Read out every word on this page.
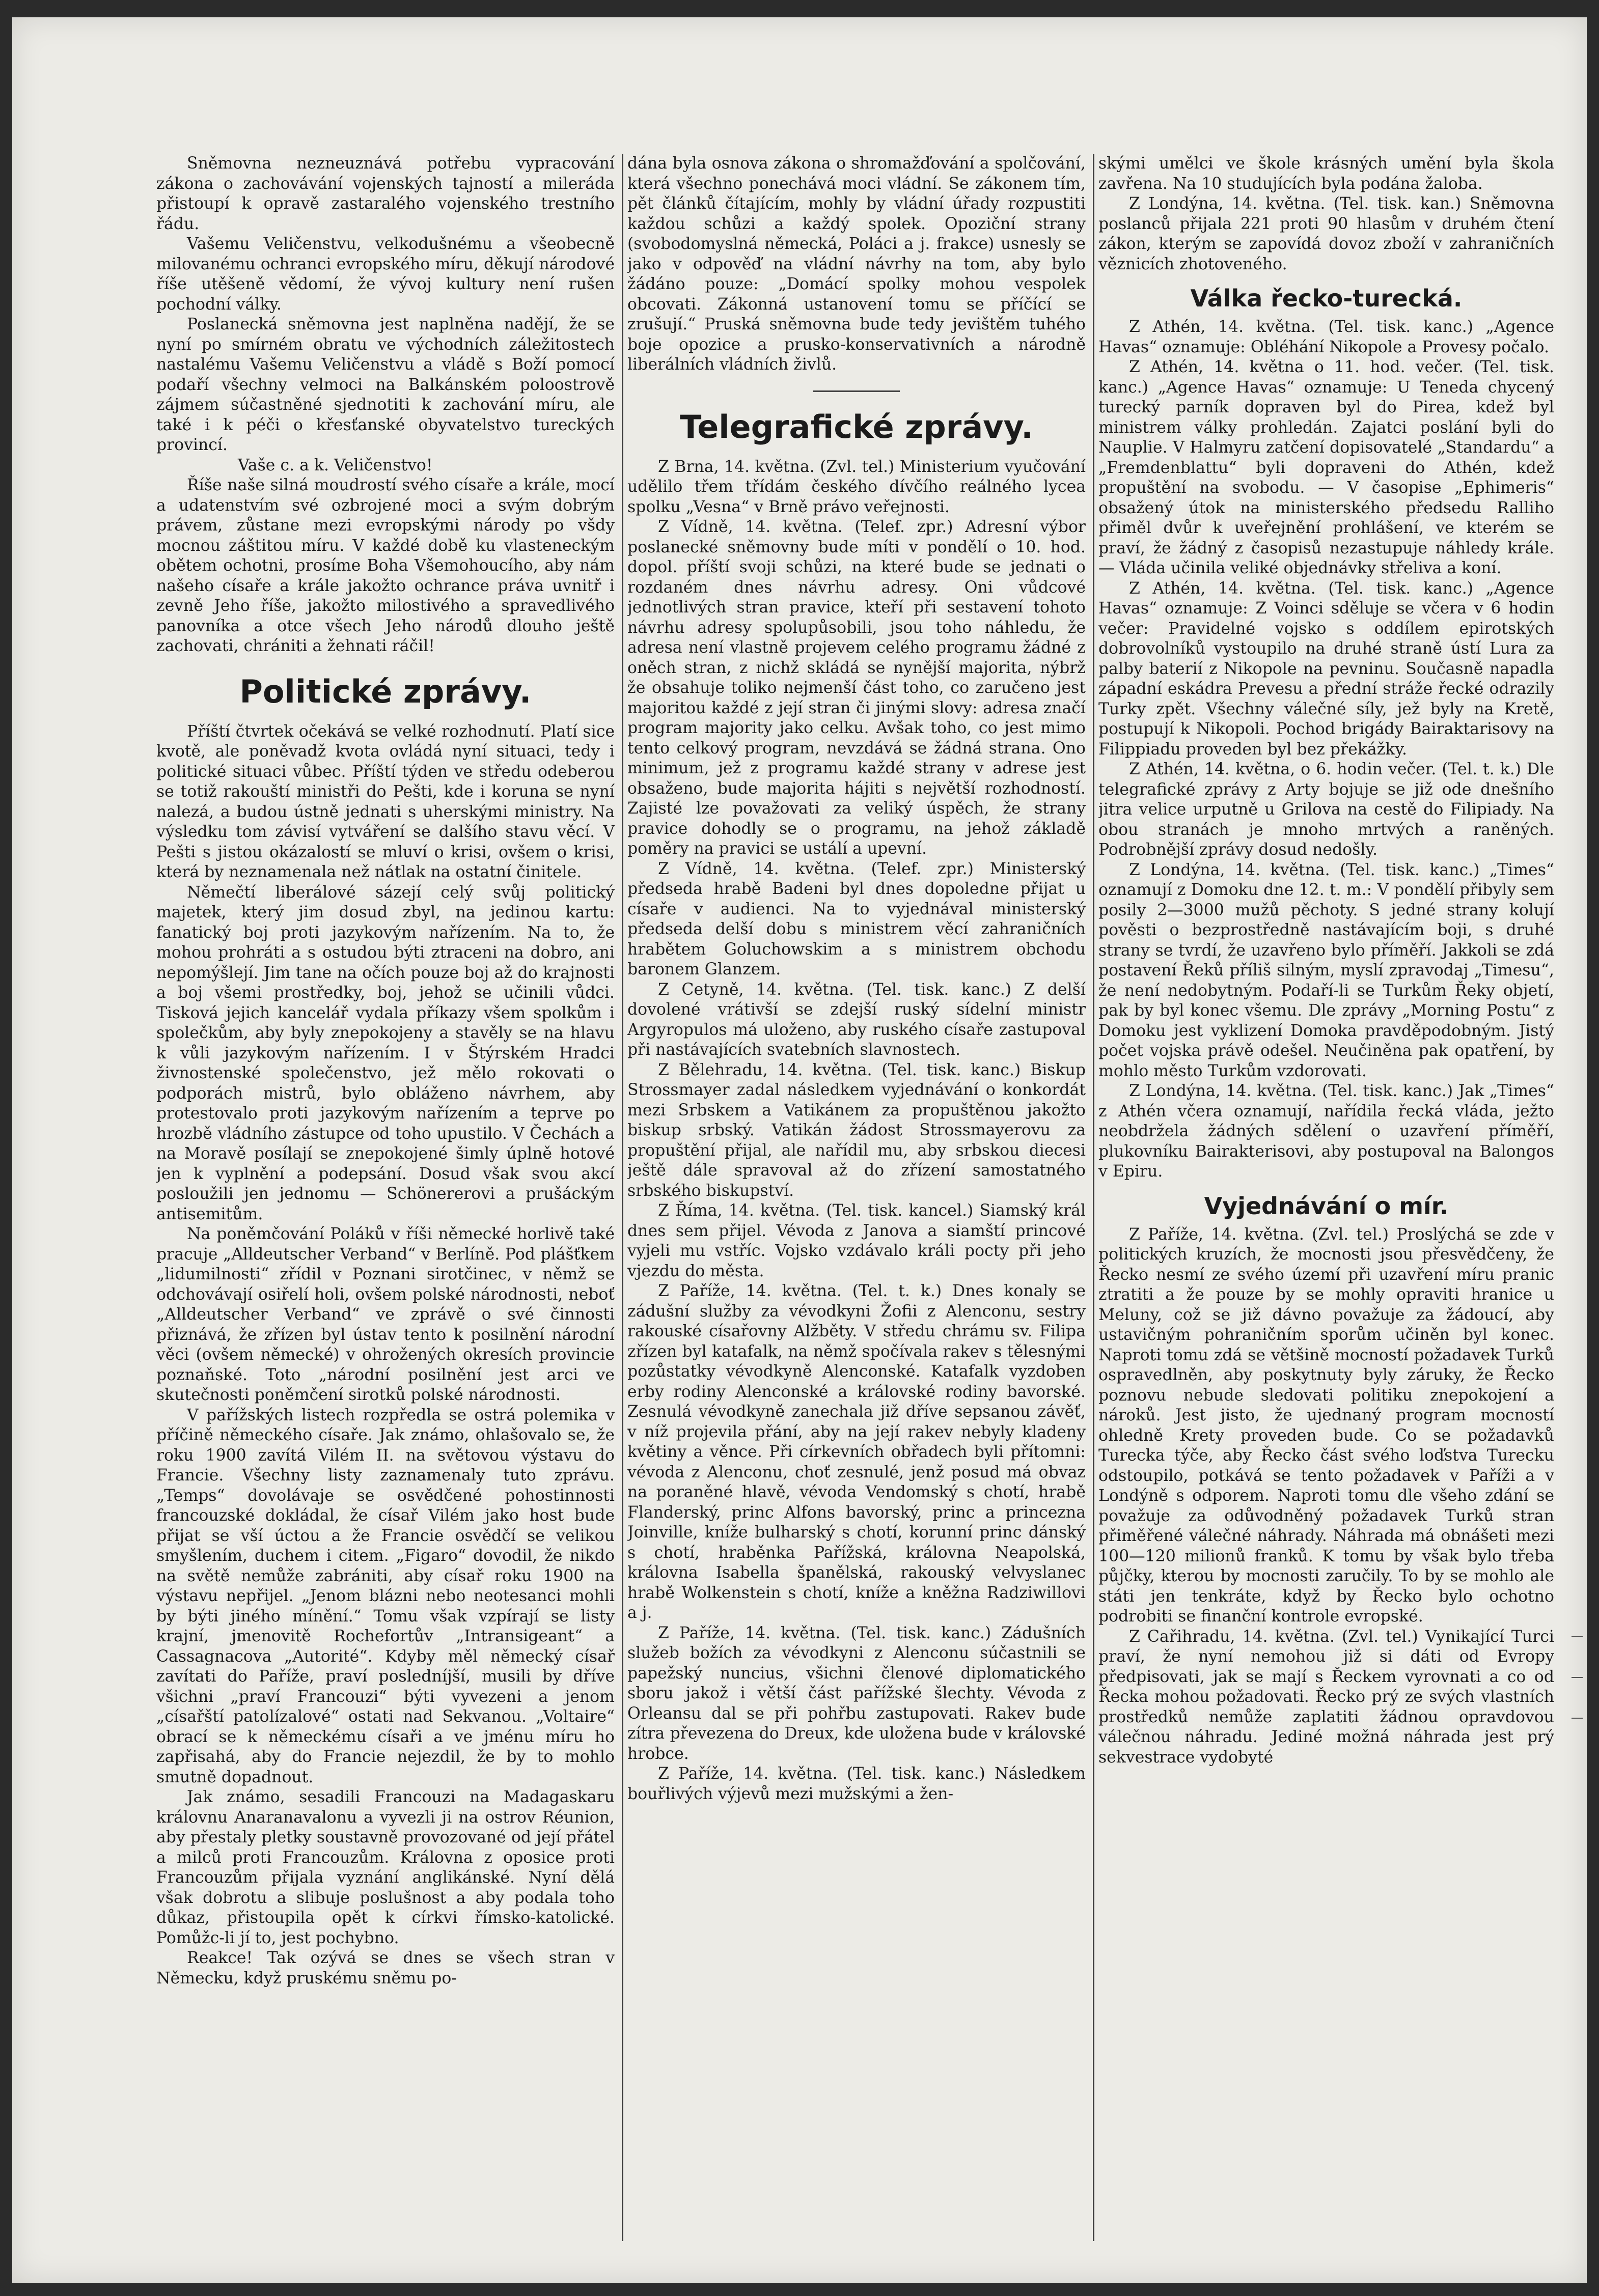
Sněmovna nezneuznává potřebu vypracování zákona o zachovávání vojenských tajností a milerádа přistoupí k opravě zastaralého vojenského trestního řádu.

Vašemu Veličenstvu, velkodušnému a všeobecně milovanému ochranci evropského míru, děkují národové říše utěšeně vědomí, že vývoj kultury není rušen pochodní války.

Poslanecká sněmovna jest naplněna nadějí, že se nyní po smírném obratu ve východních záležitostech nastalému Vašemu Veličenstvu a vládě s Boží pomocí podaří všechny velmoci na Balkánském poloostrově zájmem súčastněné sjednotiti k zachování míru, ale také i k péči o křesťanské obyvatelstvo tureckých provincí.

Vaše c. a k. Veličenstvo!

Říše naše silná moudrostí svého císaře a krále, mocí a udatenstvím své ozbrojené moci a svým dobrým právem, zůstane mezi evropskými národy po všdy mocnou záštitou míru. V každé době ku vlasteneckým obětem ochotni, prosíme Boha Všemohoucího, aby nám našeho císaře a krále jakožto ochrance práva uvnitř i zevně Jeho říše, jakožto milostivého a spravedlivého panovníka a otce všech Jeho národů dlouho ještě zachovati, chrániti a žehnati ráčil!

Politické zprávy.

Příští čtvrtek očekává se velké rozhodnutí. Platí sice kvotě, ale poněvadž kvota ovládá nyní situaci, tedy i politické situaci vůbec. Příští týden ve středu odeberou se totiž rakouští ministři do Pešti, kde i koruna se nyní nalezá, a budou ústně jednati s uherskými ministry. Na výsledku tom závisí vytváření se dalšího stavu věcí. V Pešti s jistou okázalostí se mluví o krisi, ovšem o krisi, která by neznamenala než nátlak na ostatní činitele.

Němečtí liberálové sázejí celý svůj politický majetek, který jim dosud zbyl, na jedinou kartu: fanatický boj proti jazykovým nařízením. Na to, že mohou prohráti a s ostudou býti ztraceni na dobro, ani nepomýšlejí. Jim tane na očích pouze boj až do krajnosti a boj všemi prostředky, boj, jehož se učinili vůdci. Tisková jejich kancelář vydala příkazy všem spolkům i společkům, aby byly znepokojeny a stavěly se na hlavu k vůli jazykovým nařízením. I v Štýrském Hradci živnostenské společenstvo, jež mělo rokovati o podporách mistrů, bylo obláženo návrhem, aby protestovalo proti jazykovým nařízením a teprve po hrozbě vládního zástupce od toho upustilo. V Čechách a na Moravě posílají se znepokojené šimly úplně hotové jen k vyplnění a podepsání. Dosud však svou akcí posloužili jen jednomu — Schönererovi a prušáckým antisemitům.

Na poněmčování Poláků v říši německé horlivě také pracuje „Alldeutscher Verband“ v Berlíně. Pod plášťkem „lidumilnosti“ zřídil v Poznani sirotčinec, v němž se odchovávají osiřelí holi, ovšem polské národnosti, neboť „Alldeutscher Verband“ ve zprávě o své činnosti přiznává, že zřízen byl ústav tento k posilnění národní věci (ovšem německé) v ohrožených okresích provincie poznaňské. Toto „národní posilnění jest arci ve skutečnosti poněmčení sirotků polské národnosti.

V pařížských listech rozpředla se ostrá polemika v příčině německého císaře. Jak známo, ohlašovalo se, že roku 1900 zavítá Vilém II. na světovou výstavu do Francie. Všechny listy zaznamenaly tuto zprávu. „Temps“ dovolávaje se osvědčené pohostinnosti francouzské dokládal, že císař Vilém jako host bude přijat se vší úctou a že Francie osvědčí se velikou smyšlením, duchem i citem. „Figaro“ dovodil, že nikdo na světě nemůže zabrániti, aby císař roku 1900 na výstavu nepřijel. „Jenom blázni nebo neotesanci mohli by býti jiného mínění.“ Tomu však vzpírají se listy krajní, jmenovitě Rochefortův „Intransigeant“ a Cassagnacova „Autorité“. Kdyby měl německý císař zavítati do Paříže, praví posledníjší, musili by dříve všichni „praví Francouzi“ býti vyvezeni a jenom „císařští patolízalové“ ostati nad Sekvanou. „Voltaire“ obrací se k německému císaři a ve jménu míru ho zapřisahá, aby do Francie nejezdil, že by to mohlo smutně dopadnout.

Jak známo, sesadili Francouzi na Madagaskaru královnu Anaranavalonu a vyvezli ji na ostrov Réunion, aby přestaly pletky soustavně provozované od její přátel a milců proti Francouzům. Královna z oposice proti Francouzům přijala vyznání anglikánské. Nyní dělá však dobrotu a slibuje poslušnost a aby podala toho důkaz, přistoupila opět k církvi římsko-katolické. Pomůžc-li jí to, jest pochybno.

Reakce! Tak ozývá se dnes se všech stran v Německu, když pruskému sněmu po-

dána byla osnova zákona o shromažďování a spolčování, která všechno ponechává moci vládní. Se zákonem tím, pět článků čítajícím, mohly by vládní úřady rozpustiti každou schůzi a každý spolek. Opoziční strany (svobodomyslná německá, Poláci a j. frakce) usnesly se jako v odpověď na vládní návrhy na tom, aby bylo žádáno pouze: „Domácí spolky mohou vespolek obcovati. Zákonná ustanovení tomu se příčící se zrušují.“ Pruská sněmovna bude tedy jevištěm tuhého boje opozice a prusko-konservativních a národně liberálních vládních živlů.

Telegrafické zprávy.

Z Brna, 14. května. (Zvl. tel.) Ministerium vyučování udělilo třem třídám českého dívčího reálného lycea spolku „Vesna“ v Brně právo veřejnosti.

Z Vídně, 14. května. (Telef. zpr.) Adresní výbor poslanecké sněmovny bude míti v pondělí o 10. hod. dopol. příští svoji schůzi, na které bude se jednati o rozdaném dnes návrhu adresy. Oni vůdcové jednotlivých stran pravice, kteří při sestavení tohoto návrhu adresy spolupůsobili, jsou toho náhledu, že adresa není vlastně projevem celého programu žádné z oněch stran, z nichž skládá se nynější majorita, nýbrž že obsahuje toliko nejmenší část toho, co zaručeno jest majoritou každé z její stran či jinými slovy: adresa značí program majority jako celku. Avšak toho, co jest mimo tento celkový program, nevzdává se žádná strana. Ono minimum, jež z programu každé strany v adrese jest obsaženo, bude majorita hájiti s největší rozhodností. Zajisté lze považovati za veliký úspěch, že strany pravice dohodly se o programu, na jehož základě poměry na pravici se ustálí a upevní.

Z Vídně, 14. května. (Telef. zpr.) Ministerský předseda hrabě Badeni byl dnes dopoledne přijat u císaře v audienci. Na to vyjednával ministerský předseda delší dobu s ministrem věcí zahraničních hrabětem Goluchowskim a s ministrem obchodu baronem Glanzem.

Z Cetyně, 14. května. (Tel. tisk. kanc.) Z delší dovolené vrátivší se zdejší ruský sídelní ministr Argyropulos má uloženo, aby ruského císaře zastupoval při nastávajících svatebních slavnostech.

Z Bělehradu, 14. května. (Tel. tisk. kanc.) Biskup Strossmayer zadal následkem vyjednávání o konkordát mezi Srbskem a Vatikánem za propuštěnou jakožto biskup srbský. Vatikán žádost Strossmayerovu za propuštění přijal, ale nařídil mu, aby srbskou diecesi ještě dále spravoval až do zřízení samostatného srbského biskupství.

Z Říma, 14. května. (Tel. tisk. kancel.) Siamský král dnes sem přijel. Vévoda z Janova a siamští princové vyjeli mu vstříc. Vojsko vzdávalo králi pocty při jeho vjezdu do města.

Z Paříže, 14. května. (Tel. t. k.) Dnes konaly se zádušní služby za vévodkyni Žofii z Alenconu, sestry rakouské císařovny Alžběty. V středu chrámu sv. Filipa zřízen byl katafalk, na němž spočívala rakev s tělesnými pozůstatky vévodkyně Alenconské. Katafalk vyzdoben erby rodiny Alenconské a královské rodiny bavorské. Zesnulá vévodkyně zanechala již dříve sepsanou závěť, v níž projevila přání, aby na její rakev nebyly kladeny květiny a věnce. Při církevních obřadech byli přítomni: vévoda z Alenconu, choť zesnulé, jenž posud má obvaz na poraněné hlavě, vévoda Vendomský s chotí, hrabě Flanderský, princ Alfons bavorský, princ a princezna Joinville, kníže bulharský s chotí, korunní princ dánský s chotí, hraběnka Pařížská, královna Neapolská, královna Isabella španělská, rakouský velvyslanec hrabě Wolkenstein s chotí, kníže a kněžna Radziwillovi a j.

Z Paříže, 14. května. (Tel. tisk. kanc.) Zádušních služeb božích za vévodkyni z Alenconu súčastnili se papežský nuncius, všichni členové diplomatického sboru jakož i větší část pařížské šlechty. Vévoda z Orleansu dal se při pohřbu zastupovati. Rakev bude zítra převezena do Dreux, kde uložena bude v královské hrobce.

Z Paříže, 14. května. (Tel. tisk. kanc.) Následkem bouřlivých výjevů mezi mužskými a žen-

skými umělci ve škole krásných umění byla škola zavřena. Na 10 studujících byla podána žaloba.

Z Londýna, 14. května. (Tel. tisk. kan.) Sněmovna poslanců přijala 221 proti 90 hlasům v druhém čtení zákon, kterým se zapovídá dovoz zboží v zahraničních věznicích zhotoveného.

Válka řecko-turecká.

Z Athén, 14. května. (Tel. tisk. kanc.) „Agence Havas“ oznamuje: Obléhání Nikopole a Provesy počalo.

Z Athén, 14. května o 11. hod. večer. (Tel. tisk. kanc.) „Agence Havas“ oznamuje: U Teneda chycený turecký parník dopraven byl do Pirea, kdež byl ministrem války prohledán. Zajatci poslání byli do Nauplie. V Halmyru zatčení dopisovatelé „Standardu“ a „Fremdenblattu“ byli dopraveni do Athén, kdež propuštění na svobodu. — V časopise „Ephimeris“ obsažený útok na ministerského předsedu Ralliho přiměl dvůr k uveřejnění prohlášení, ve kterém se praví, že žádný z časopisů nezastupuje náhledy krále. — Vláda učinila veliké objednávky střeliva a koní.

Z Athén, 14. května. (Tel. tisk. kanc.) „Agence Havas“ oznamuje: Z Voinci sděluje se včera v 6 hodin večer: Pravidelné vojsko s oddílem epirotských dobrovolníků vystoupilo na druhé straně ústí Lura za palby baterií z Nikopole na pevninu. Současně napadla západní eskádra Prevesu a přední stráže řecké odrazily Turky zpět. Všechny válečné síly, jež byly na Kretě, postupují k Nikopoli. Pochod brigády Bairaktarisovy na Filippiadu proveden byl bez překážky.

Z Athén, 14. května, o 6. hodin večer. (Tel. t. k.) Dle telegrafické zprávy z Arty bojuje se již ode dnešního jitra velice urputně u Grilova na cestě do Filipiady. Na obou stranách je mnoho mrtvých a raněných. Podrobnější zprávy dosud nedošly.

Z Londýna, 14. května. (Tel. tisk. kanc.) „Times“ oznamují z Domoku dne 12. t. m.: V pondělí přibyly sem posily 2—3000 mužů pěchoty. S jedné strany kolují pověsti o bezprostředně nastávajícím boji, s druhé strany se tvrdí, že uzavřeno bylo příměří. Jakkoli se zdá postavení Řeků příliš silným, myslí zpravodaj „Timesu“, že není nedobytným. Podaří-li se Turkům Řeky objetí, pak by byl konec všemu. Dle zprávy „Morning Postu“ z Domoku jest vyklizení Domoka pravděpodobným. Jistý počet vojska právě odešel. Neučiněna pak opatření, by mohlo město Turkům vzdorovati.

Z Londýna, 14. května. (Tel. tisk. kanc.) Jak „Times“ z Athén včera oznamují, nařídila řecká vláda, ježto neobdržela žádných sdělení o uzavření příměří, plukovníku Bairakterisovi, aby postupoval na Balongos v Epiru.

Vyjednávání o mír.

Z Paříže, 14. května. (Zvl. tel.) Proslýchá se zde v politických kruzích, že mocnosti jsou přesvědčeny, že Řecko nesmí ze svého území při uzavření míru pranic ztratiti a že pouze by se mohly opraviti hranice u Meluny, což se již dávno považuje za žádoucí, aby ustavičným pohraničním sporům učiněn byl konec. Naproti tomu zdá se většině mocností požadavek Turků ospravedlněn, aby poskytnuty byly záruky, že Řecko poznovu nebude sledovati politiku znepokojení a nároků. Jest jisto, že ujednaný program mocností ohledně Krety proveden bude. Co se požadavků Turecka týče, aby Řecko část svého loďstva Turecku odstoupilo, potkává se tento požadavek v Paříži a v Londýně s odporem. Naproti tomu dle všeho zdání se považuje za odůvodněný požadavek Turků stran přiměřené válečné náhrady. Náhrada má obnášeti mezi 100—120 milionů franků. K tomu by však bylo třeba půjčky, kterou by mocnosti zaručily. To by se mohlo ale státi jen tenkráte, když by Řecko bylo ochotno podrobiti se finanční kontrole evropské.

Z Cařihradu, 14. května. (Zvl. tel.) Vynikající Turci praví, že nyní nemohou již si dáti od Evropy předpisovati, jak se mají s Řeckem vyrovnati a co od Řecka mohou požadovati. Řecko prý ze svých vlastních prostředků nemůže zaplatiti žádnou opravdovou válečnou náhradu. Jediné možná náhrada jest prý sekvestrace vydobyté
